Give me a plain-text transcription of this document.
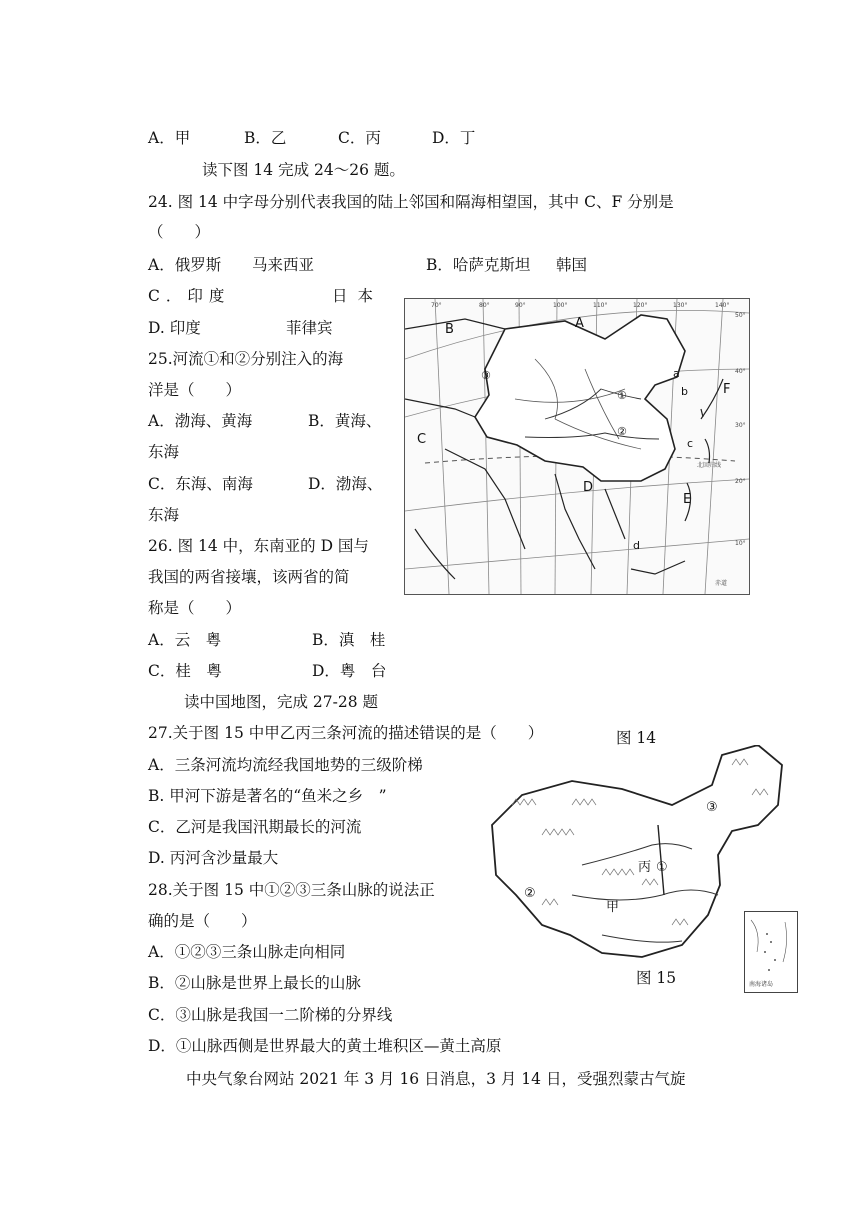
A．甲	B．乙	C．丙	D．丁
读下图 14 完成 24～26 题。
24. 图 14 中字母分别代表我国的陆上邻国和隔海相望国，其中 C、F 分别是
（　　）
A．俄罗斯 马来西亚	B．哈萨克斯坦 韩国
C．印度	日本
D. 印度	菲律宾
25.河流①和②分别注入的海
洋是（　　）
A．渤海、黄海	B．黄海、
东海
C．东海、南海	D．渤海、
东海
26. 图 14 中，东南亚的 D 国与
我国的两省接壤，该两省的简
称是（　　）
A．云　粤	B．滇　桂
C．桂　粤	D．粤　台
读中国地图，完成 27-28 题
27.关于图 15 中甲乙丙三条河流的描述错误的是（　　）	图 14
A．三条河流均流经我国地势的三级阶梯
B. 甲河下游是著名的“鱼米之乡　”
C．乙河是我国汛期最长的河流
D. 丙河含沙量最大
28.关于图 15 中①②③三条山脉的说法正
确的是（　　）
A．①②③三条山脉走向相同
B．②山脉是世界上最长的山脉
C．③山脉是我国一二阶梯的分界线
D．①山脉西侧是世界最大的黄土堆积区—黄土高原
中央气象台网站 2021 年 3 月 16 日消息，3 月 14 日，受强烈蒙古气旋
A
B
C
D
E
F
b
a
c
d
①
②
③
70°	80°	90°	100°	110°	120°	130°	140°
50°
40°
30°
20°
10°
北回归线
赤道
③
丙 ①
②
甲
图 15	南海诸岛
